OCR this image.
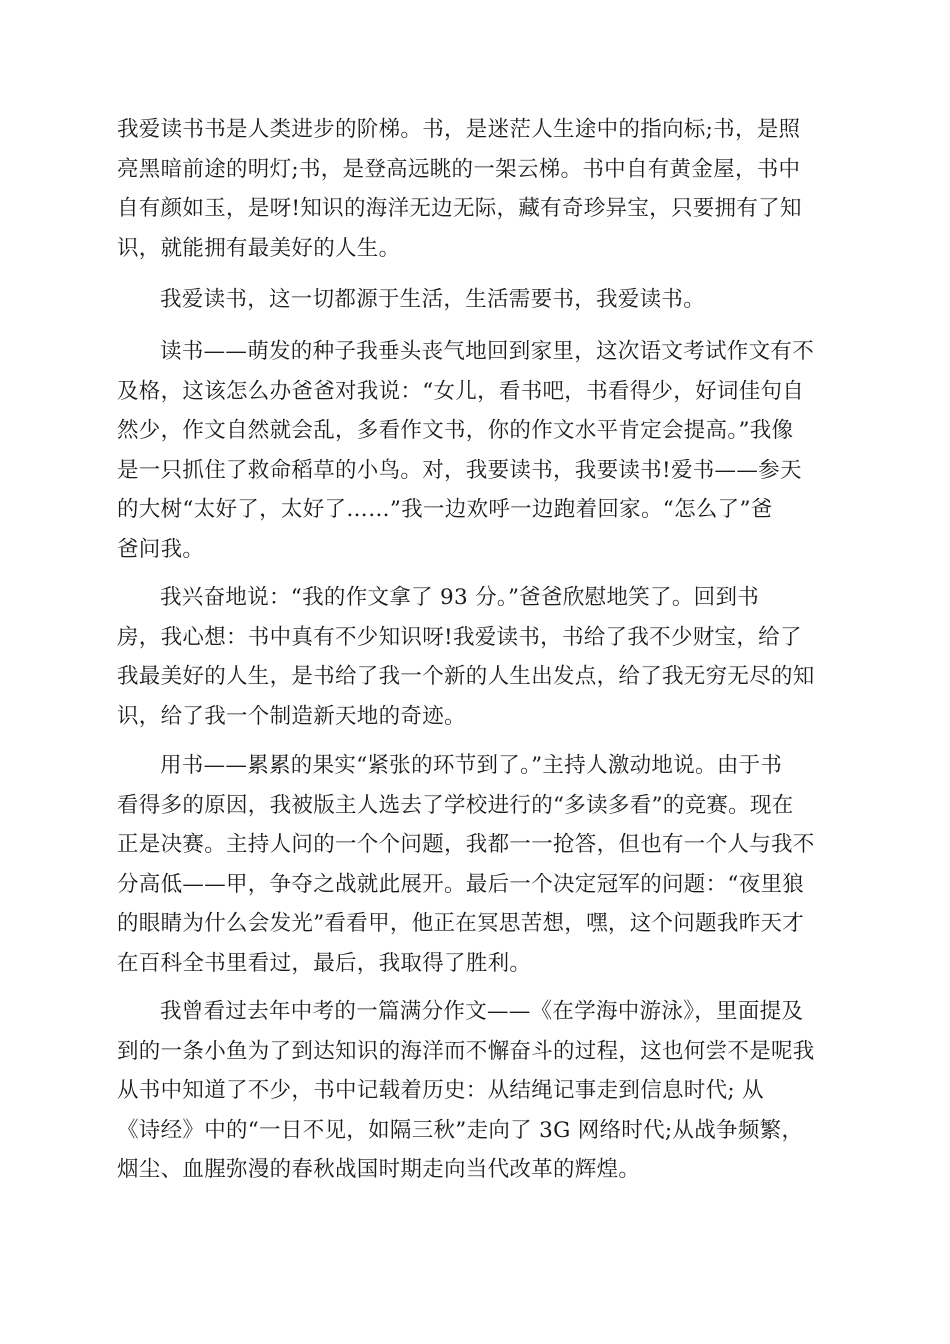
我爱读书书是人类进步的阶梯。书，是迷茫人生途中的指向标;书，是照
亮黑暗前途的明灯;书，是登高远眺的一架云梯。书中自有黄金屋，书中
自有颜如玉，是呀!知识的海洋无边无际，藏有奇珍异宝，只要拥有了知
识，就能拥有最美好的人生。
我爱读书，这一切都源于生活，生活需要书，我爱读书。
读书——萌发的种子我垂头丧气地回到家里，这次语文考试作文有不
及格，这该怎么办爸爸对我说：“女儿，看书吧，书看得少，好词佳句自
然少，作文自然就会乱，多看作文书，你的作文水平肯定会提高。”我像
是一只抓住了救命稻草的小鸟。对，我要读书，我要读书!爱书——参天
的大树“太好了，太好了……”我一边欢呼一边跑着回家。“怎么了”爸
爸问我。
我兴奋地说：“我的作文拿了 93 分。”爸爸欣慰地笑了。回到书
房，我心想：书中真有不少知识呀!我爱读书，书给了我不少财宝，给了
我最美好的人生，是书给了我一个新的人生出发点，给了我无穷无尽的知
识，给了我一个制造新天地的奇迹。
用书——累累的果实“紧张的环节到了。”主持人激动地说。由于书
看得多的原因，我被版主人选去了学校进行的“多读多看”的竞赛。现在
正是决赛。主持人问的一个个问题，我都一一抢答，但也有一个人与我不
分高低——甲，争夺之战就此展开。最后一个决定冠军的问题：“夜里狼
的眼睛为什么会发光”看看甲，他正在冥思苦想，嘿，这个问题我昨天才
在百科全书里看过，最后，我取得了胜利。
我曾看过去年中考的一篇满分作文——《在学海中游泳》，里面提及
到的一条小鱼为了到达知识的海洋而不懈奋斗的过程，这也何尝不是呢我
从书中知道了不少，书中记载着历史：从结绳记事走到信息时代; 从
《诗经》中的“一日不见，如隔三秋”走向了 3G 网络时代;从战争频繁，
烟尘、血腥弥漫的春秋战国时期走向当代改革的辉煌。
